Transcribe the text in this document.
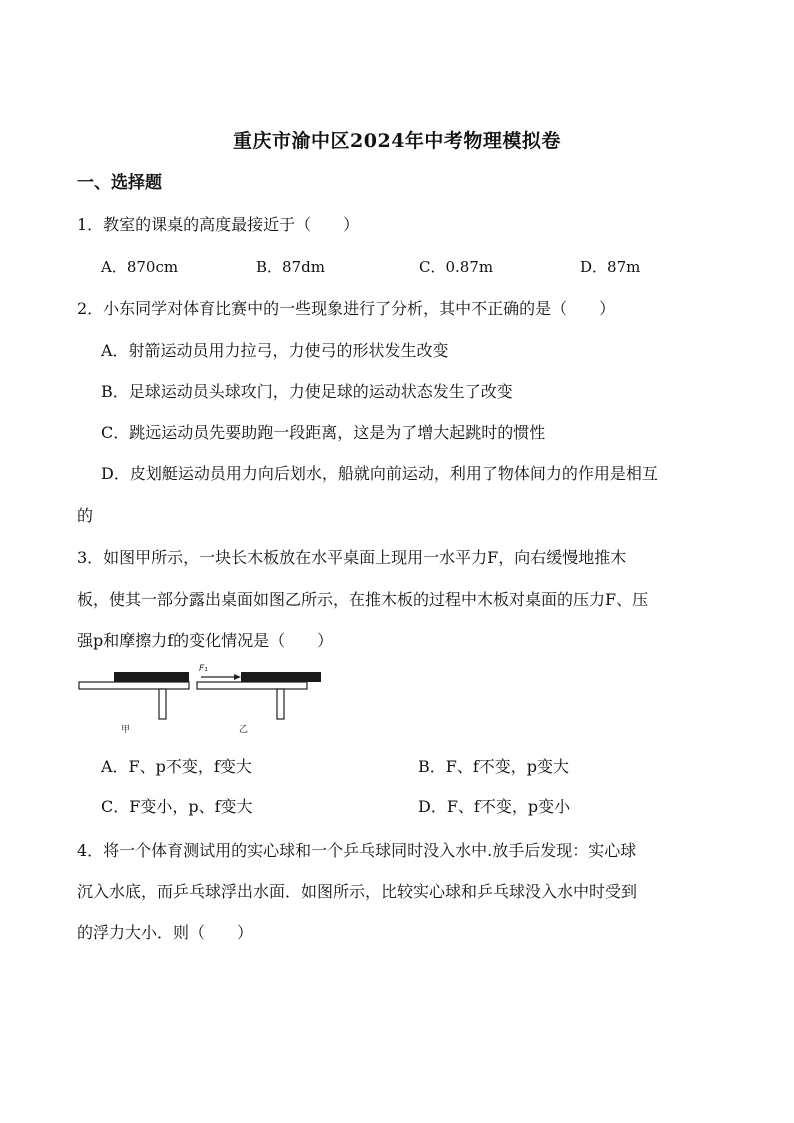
重庆市渝中区2024年中考物理模拟卷
一、选择题
1．教室的课桌的高度最接近于（　　）
A．870cm	B．87dm	C．0.87m	D．87m
2．小东同学对体育比赛中的一些现象进行了分析，其中不正确的是（　　）
A．射箭运动员用力拉弓，力使弓的形状发生改变
B．足球运动员头球攻门，力使足球的运动状态发生了改变
C．跳远运动员先要助跑一段距离，这是为了增大起跳时的惯性
D．皮划艇运动员用力向后划水，船就向前运动，利用了物体间力的作用是相互
的
3．如图甲所示，一块长木板放在水平桌面上现用一水平力F，向右缓慢地推木
板，使其一部分露出桌面如图乙所示，在推木板的过程中木板对桌面的压力F、压
强p和摩擦力f的变化情况是（　　）
甲
F₁
乙
A．F、p不变，f变大	B．F、f不变，p变大
C．F变小，p、f变大	D．F、f不变，p变小
4．将一个体育测试用的实心球和一个乒乓球同时没入水中.放手后发现：实心球
沉入水底，而乒乓球浮出水面．如图所示，比较实心球和乒乓球没入水中时受到
的浮力大小．则（　　）
